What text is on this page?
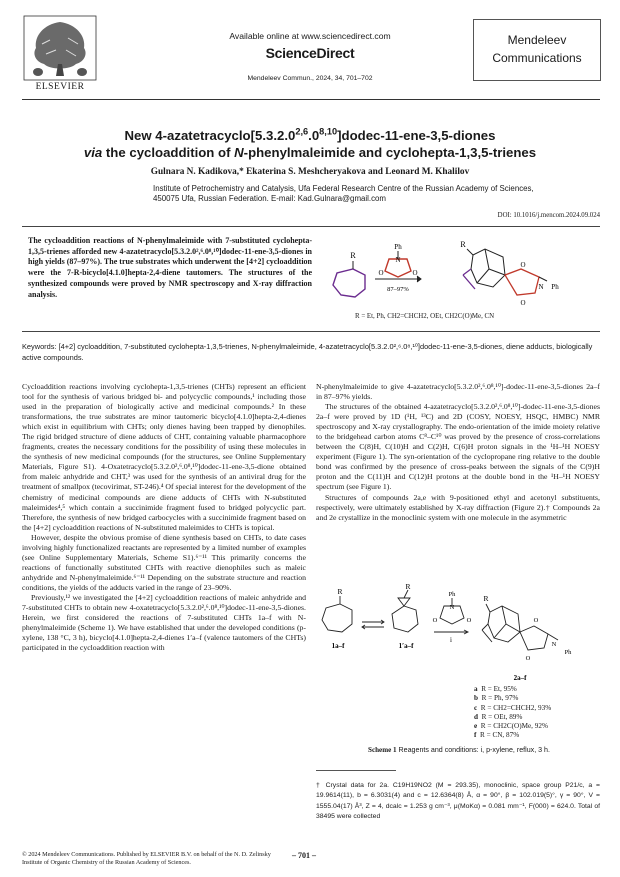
ELSEVIER
Available online at www.sciencedirect.com
ScienceDirect
Mendeleev Commun., 2024, 34, 701–702
Mendeleev
Communications
New 4-azatetracyclo[5.3.2.0$^{2,6}$.0$^{8,10}$]dodec-11-ene-3,5-diones
via the cycloaddition of N-phenylmaleimide and cyclohepta-1,3,5-trienes
Gulnara N. Kadikova,* Ekaterina S. Meshcheryakova and Leonard M. Khalilov
Institute of Petrochemistry and Catalysis, Ufa Federal Research Centre of the Russian Academy of Sciences,
450075 Ufa, Russian Federation. E-mail: Kad.Gulnara@gmail.com
DOI: 10.1016/j.mencom.2024.09.024
The cycloaddition reactions of N-phenylmaleimide with 7-substituted cyclohepta-1,3,5-trienes afforded new 4-azatetracyclo[5.3.2.0²,⁶.0⁸,¹⁰]dodec-11-ene-3,5-diones in high yields (87–97%). The true substrates which underwent the [4+2] cycloaddition were the 7-R-bicyclo[4.1.0]hepta-2,4-diene tautomers. The structures of the synthesized compounds were proved by NMR spectroscopy and X-ray diffraction analysis.
R
Ph
N
O	O
87–97%
R
O
O
N Ph
R = Et, Ph, CH2=CHCH2, OEt, CH2C(O)Me, CN
Keywords: [4+2] cycloaddition, 7-substituted cyclohepta-1,3,5-trienes, N-phenylmaleimide, 4-azatetracyclo[5.3.2.0²,⁶.0⁸,¹⁰]dodec-11-ene-3,5-diones, diene adducts, biologically active compounds.

Cycloaddition reactions involving cyclohepta-1,3,5-trienes (CHTs) represent an efficient tool for the synthesis of various bridged bi- and polycyclic compounds,¹ including those used in the preparation of biologically active and medicinal compounds.² In these transformations, the true substrates are minor tautomeric bicyclo[4.1.0]hepta-2,4-dienes which exist in equilibrium with CHTs; only dienes having been trapped by dienophiles. The rigid bridged structure of diene adducts of CHT, containing valuable pharmacophore fragments, creates the necessary conditions for the possibility of using these molecules in the synthesis of new medicinal compounds (for the structures, see Online Supplementary Materials, Figure S1). 4-Oxatetracyclo[5.3.2.0²,⁶.0⁸,¹⁰]dodec-11-ene-3,5-dione obtained from maleic anhydride and CHT,³ was used for the synthesis of an antiviral drug for the treatment of smallpox (tecovirimat, ST-246).⁴ Of special interest for the development of the chemistry of medicinal compounds are diene adducts of CHTs with N-substituted maleimides⁴,⁵ which contain a succinimide fragment fused to bridged polycyclic part. Therefore, the synthesis of new bridged carbocycles with a succinimide fragment based on the [4+2] cycloaddition reactions of N-substituted maleimides to CHTs is topical.

However, despite the obvious promise of diene synthesis based on CHTs, to date cases involving highly functionalized reactants are represented by a limited number of examples (see Online Supplementary Materials, Scheme S1).⁶⁻¹¹ This primarily concerns the reactions of functionally substituted CHTs with reactive dienophiles such as maleic anhydride and N-phenylmaleimide.⁶⁻¹¹ Depending on the substrate structure and reaction conditions, the yields of the adducts varied in the range of 23–90%.

Previously,¹² we investigated the [4+2] cycloaddition reactions of maleic anhydride and 7-substituted CHTs to obtain new 4-oxatetracyclo[5.3.2.0²,⁶.0⁸,¹⁰]dodec-11-ene-3,5-diones. Herein, we first considered the reactions of 7-substituted CHTs 1a–f with N-phenylmaleimide (Scheme 1). We have established that under the developed conditions (p-xylene, 138 °C, 3 h), bicyclo[4.1.0]hepta-2,4-dienes 1′a–f (valence tautomers of the CHTs) participated in the cycloaddition reaction with

N-phenylmaleimide to give 4-azatetracyclo[5.3.2.0²,⁶.0⁸,¹⁰]-dodec-11-ene-3,5-diones 2a–f in 87–97% yields.

The structures of the obtained 4-azatetracyclo[5.3.2.0²,⁶.0⁸,¹⁰]-dodec-11-ene-3,5-diones 2a–f were proved by 1D (¹H, ¹³C) and 2D (COSY, NOESY, HSQC, HMBC) NMR spectroscopy and X-ray crystallography. The endo-orientation of the imide moiety relative to the bridgehead carbon atoms C⁸–C¹⁰ was proved by the presence of cross-correlations between the C(8)H, C(10)H and C(2)H, C(6)H proton signals in the ¹H–¹H NOESY experiment (Figure 1). The syn-orientation of the cyclopropane ring relative to the double bond was confirmed by the presence of cross-peaks between the signals of the C(9)H proton and the C(11)H and C(12)H protons at the double bond in the ¹H–¹H NOESY spectrum (see Figure 1).

Structures of compounds 2a,e with 9-positioned ethyl and acetonyl substituents, respectively, were ultimately established by X-ray diffraction (Figure 2).† Compounds 2a and 2e crystallize in the monoclinic system with one molecule in the asymmetric

R
R
R
Ph
N
O	O
i
O
O
N
Ph
1a–f	1′a–f
2a–f
a R = Et, 95%
b R = Ph, 97%
c R = CH2=CHCH2, 93%
d R = OEt, 89%
e R = CH2C(O)Me, 92%
f R = CN, 87%
Scheme 1 Reagents and conditions: i, p-xylene, reflux, 3 h.
† Crystal data for 2a. C19H19NO2 (M = 293.35), monoclinic, space group P21/c, a = 19.9614(11), b = 6.3031(4) and c = 12.6364(8) Å, α = 90°, β = 102.019(5)°, γ = 90°, V = 1555.04(17) Å³, Z = 4, dcalc = 1.253 g cm⁻³, μ(MoKα) = 0.081 mm⁻¹, F(000) = 624.0. Total of 38495 were collected
© 2024 Mendeleev Communications. Published by ELSEVIER B.V. on behalf of the N. D. Zelinsky Institute of Organic Chemistry of the Russian Academy of Sciences.
– 701 –
